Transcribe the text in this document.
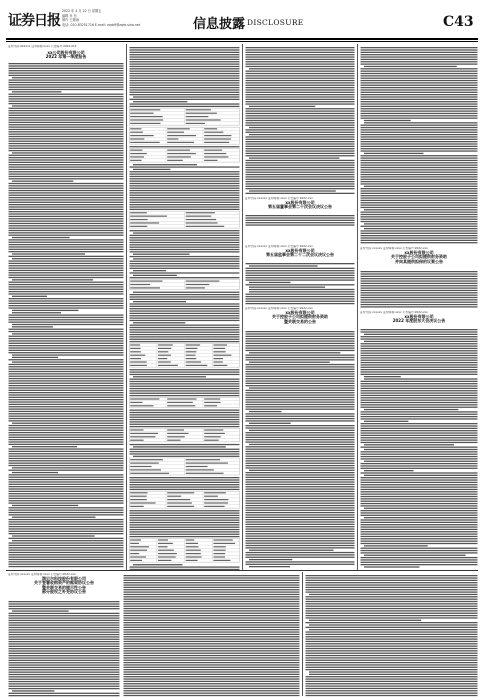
证券日报
2022 年 4 月 22 日 星期五
编辑 乔 东
制作 王敬涛
电话: 010-83251716 E-mail: zqrb9@zqrb.sina.net	信息披露 DISCLOSURE	C43
证券代码:002xxx 证券简称:xxxx 公告编号:2022-014
xx公司股份有限公司
2022 年第一季度报告
证券代码:xxxxxx 证券简称:xxxx 公告编号:2022-xxx
xx股份有限公司
第五届董事会第二十次会议决议公告
证券代码:xxxxxx 证券简称:xxxx 公告编号:2022-xxx
xx股份有限公司
第五届监事会第二十二次会议决议公告
证券代码:xxxxxx 证券简称:xxxx 公告编号:2022-xxx
xx股份有限公司
关于控股子公司拟提供财务资助
暨关联交易的公告
证券代码:xxxxxx 证券简称:xxxx 公告编号:2022-xxx
xx股份有限公司
关于控股子公司拟提供财务资助
并向其提供担保的议案公告
证券代码:xxxxxx 证券简称:xxxx 公告编号:2022-xxx
xx股份有限公司
2022 年度股东大会决议公告
证券代码:xxxxxx 证券简称:xxxx 公告编号:2022-xxx
润贝尔科技股份有限公司
关于签署收购资产的框架协议公告
暨关联交易的提示性公告
部分股权之补充协议公告
